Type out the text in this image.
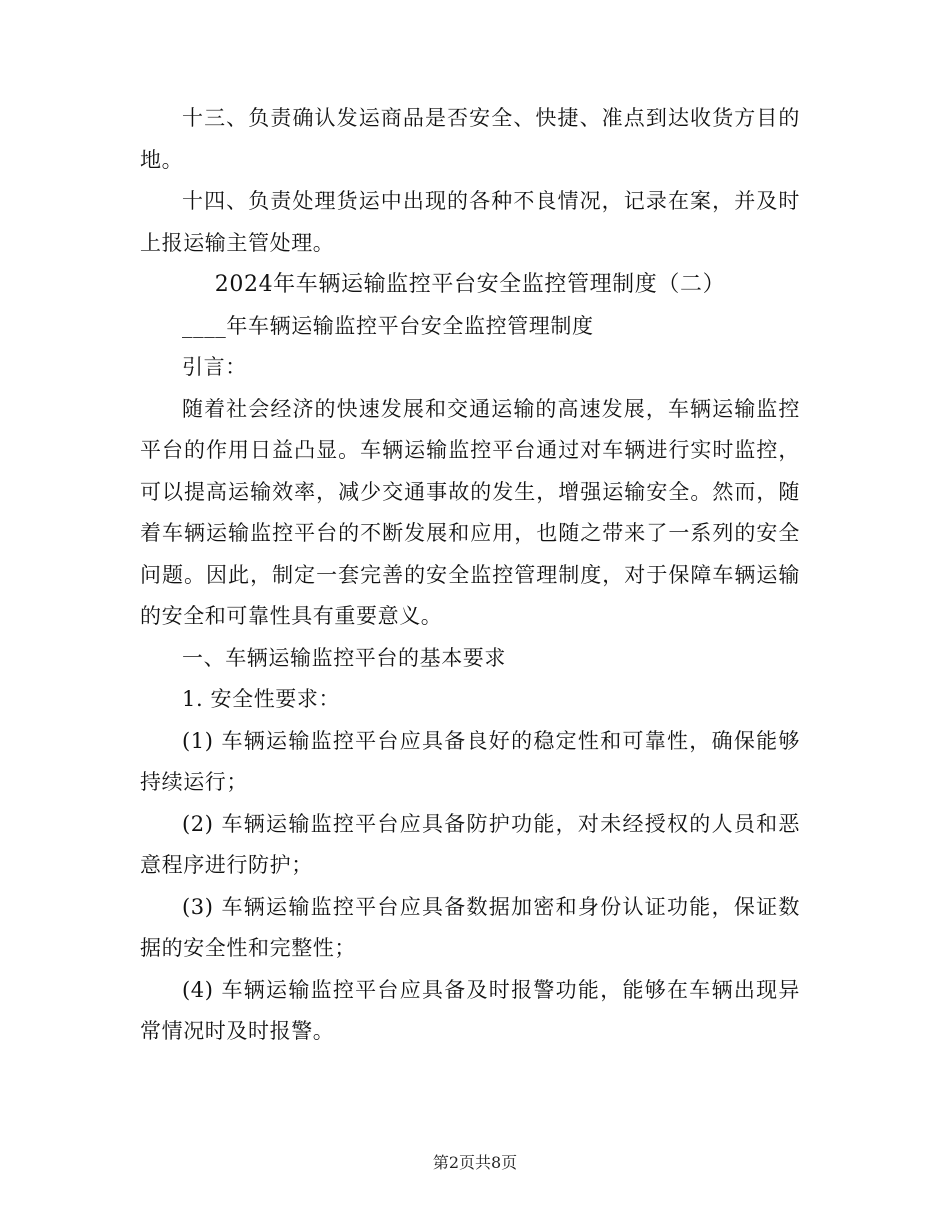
十三、负责确认发运商品是否安全、快捷、准点到达收货方目的地。

十四、负责处理货运中出现的各种不良情况，记录在案，并及时上报运输主管处理。

2024年车辆运输监控平台安全监控管理制度（二）

____年车辆运输监控平台安全监控管理制度

引言：

随着社会经济的快速发展和交通运输的高速发展，车辆运输监控平台的作用日益凸显。车辆运输监控平台通过对车辆进行实时监控，可以提高运输效率，减少交通事故的发生，增强运输安全。然而，随着车辆运输监控平台的不断发展和应用，也随之带来了一系列的安全问题。因此，制定一套完善的安全监控管理制度，对于保障车辆运输的安全和可靠性具有重要意义。

一、车辆运输监控平台的基本要求

1. 安全性要求：

(1) 车辆运输监控平台应具备良好的稳定性和可靠性，确保能够持续运行；

(2) 车辆运输监控平台应具备防护功能，对未经授权的人员和恶意程序进行防护；

(3) 车辆运输监控平台应具备数据加密和身份认证功能，保证数据的安全性和完整性；

(4) 车辆运输监控平台应具备及时报警功能，能够在车辆出现异常情况时及时报警。

第2页共8页
